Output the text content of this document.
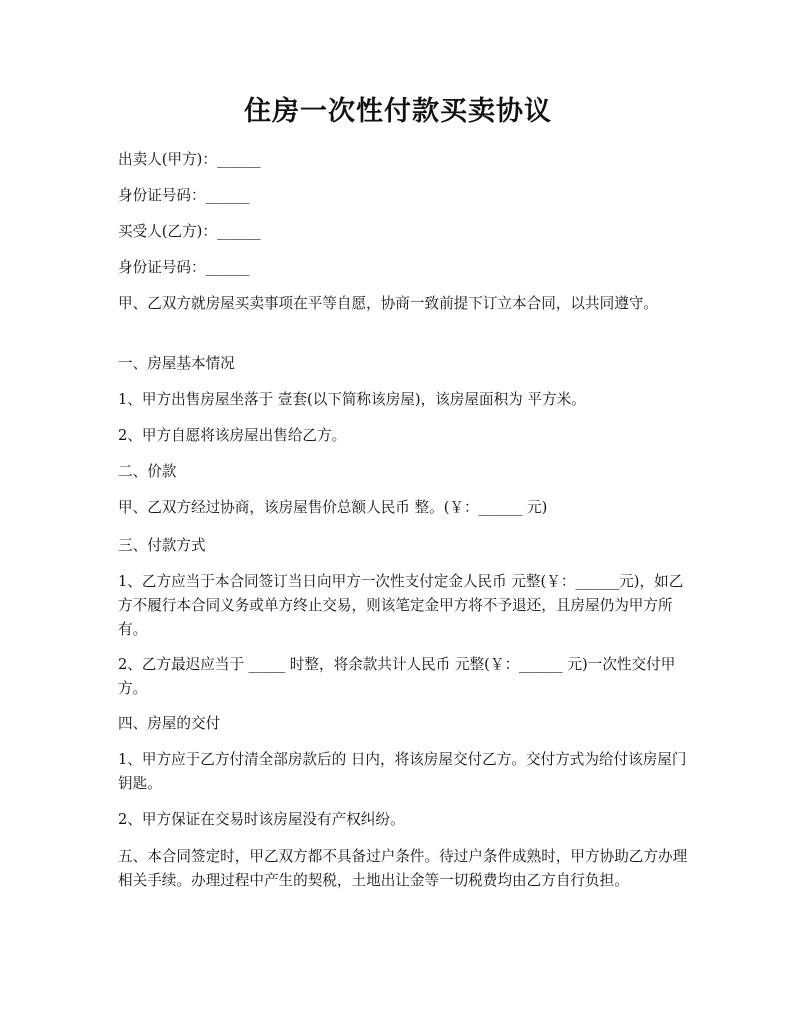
住房一次性付款买卖协议

出卖人(甲方)：______

身份证号码：______

买受人(乙方)：______

身份证号码：______

甲、乙双方就房屋买卖事项在平等自愿，协商一致前提下订立本合同，以共同遵守。

一、房屋基本情况

1、甲方出售房屋坐落于 壹套(以下简称该房屋)，该房屋面积为 平方米。

2、甲方自愿将该房屋出售给乙方。

二、价款

甲、乙双方经过协商，该房屋售价总额人民币 整。(￥：______ 元)

三、付款方式

1、乙方应当于本合同签订当日向甲方一次性支付定金人民币 元整(￥：______元)，如乙方不履行本合同义务或单方终止交易，则该笔定金甲方将不予退还，且房屋仍为甲方所有。

2、乙方最迟应当于 _____ 时整，将余款共计人民币 元整(￥：______ 元)一次性交付甲方。

四、房屋的交付

1、甲方应于乙方付清全部房款后的 日内，将该房屋交付乙方。交付方式为给付该房屋门钥匙。

2、甲方保证在交易时该房屋没有产权纠纷。

五、本合同签定时，甲乙双方都不具备过户条件。待过户条件成熟时，甲方协助乙方办理相关手续。办理过程中产生的契税，土地出让金等一切税费均由乙方自行负担。
